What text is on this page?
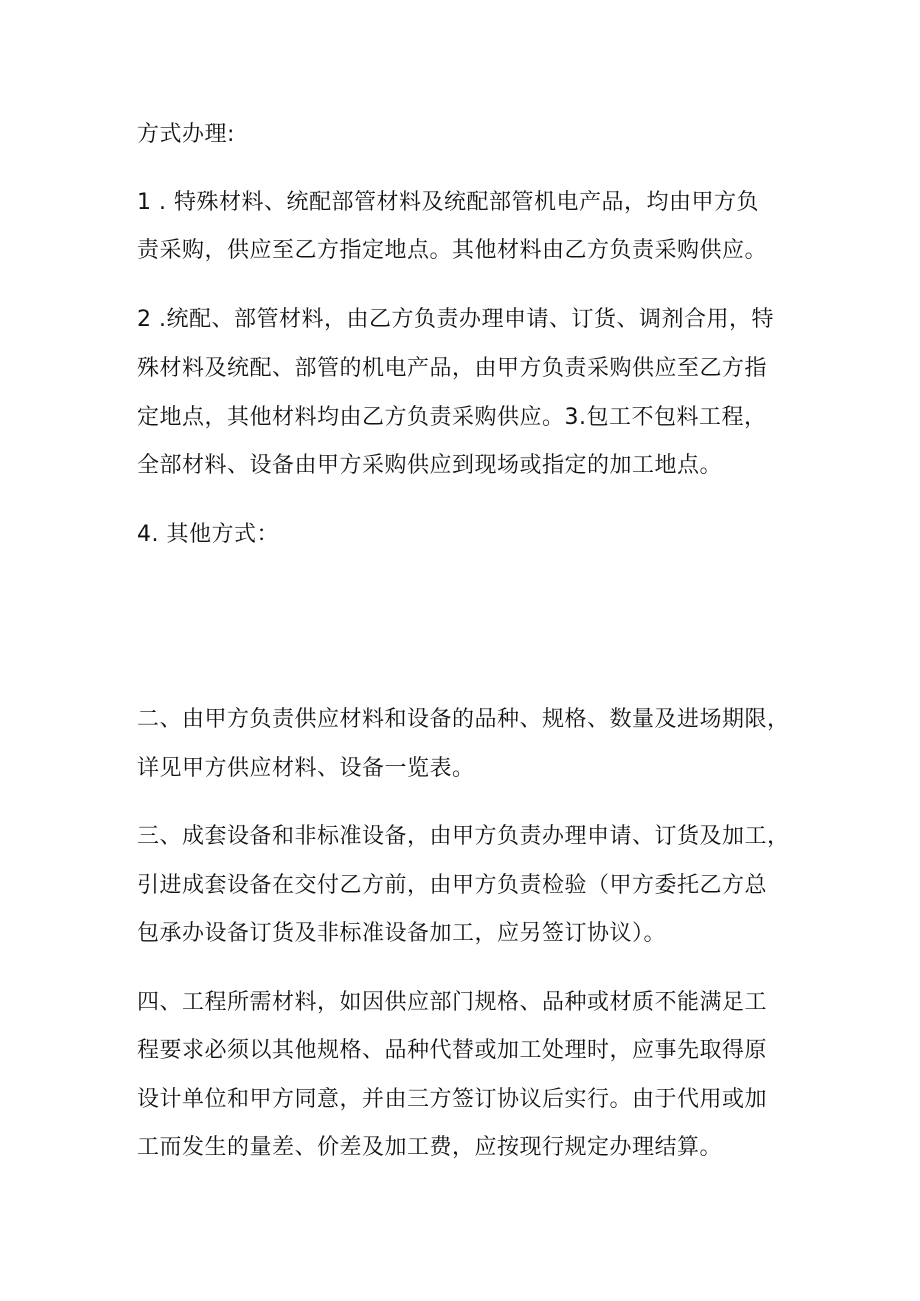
方式办理:
1 . 特殊材料、统配部管材料及统配部管机电产品，均由甲方负
责采购，供应至乙方指定地点。其他材料由乙方负责采购供应。
2 .统配、部管材料，由乙方负责办理申请、订货、调剂合用，特
殊材料及统配、部管的机电产品，由甲方负责采购供应至乙方指
定地点，其他材料均由乙方负责采购供应。3.包工不包料工程，
全部材料、设备由甲方采购供应到现场或指定的加工地点。
4. 其他方式：
二、由甲方负责供应材料和设备的品种、规格、数量及进场期限，
详见甲方供应材料、设备一览表。
三、成套设备和非标准设备，由甲方负责办理申请、订货及加工，
引进成套设备在交付乙方前，由甲方负责检验（甲方委托乙方总
包承办设备订货及非标准设备加工，应另签订协议）。
四、工程所需材料，如因供应部门规格、品种或材质不能满足工
程要求必须以其他规格、品种代替或加工处理时，应事先取得原
设计单位和甲方同意，并由三方签订协议后实行。由于代用或加
工而发生的量差、价差及加工费，应按现行规定办理结算。
